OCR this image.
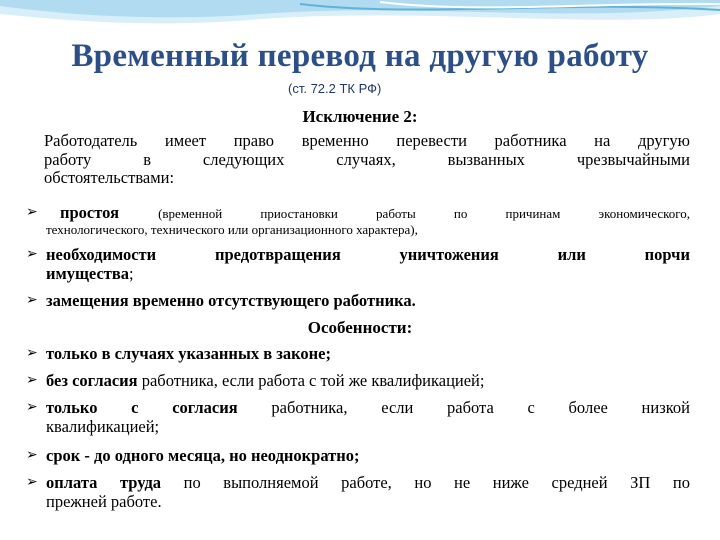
Временный перевод на другую работу
(ст. 72.2 ТК РФ)
Исключение 2:
Работодатель имеет право временно перевести работника на другую
работу в следующих случаях, вызванных чрезвычайными
обстоятельствами:
➢	простоя	(временной приостановки работы по причинам экономического,
технологического, технического или организационного характера),
➢ необходимости предотвращения уничтожения или порчи
имущества;
➢ замещения временно отсутствующего работника.
Особенности:
➢ только в случаях указанных в законе;
➢ без согласия работника, если работа с той же квалификацией;
➢ только с согласия работника, если работа с более низкой
квалификацией;
➢ срок - до одного месяца, но неоднократно;
➢ оплата труда по выполняемой работе, но не ниже средней ЗП по
прежней работе.
